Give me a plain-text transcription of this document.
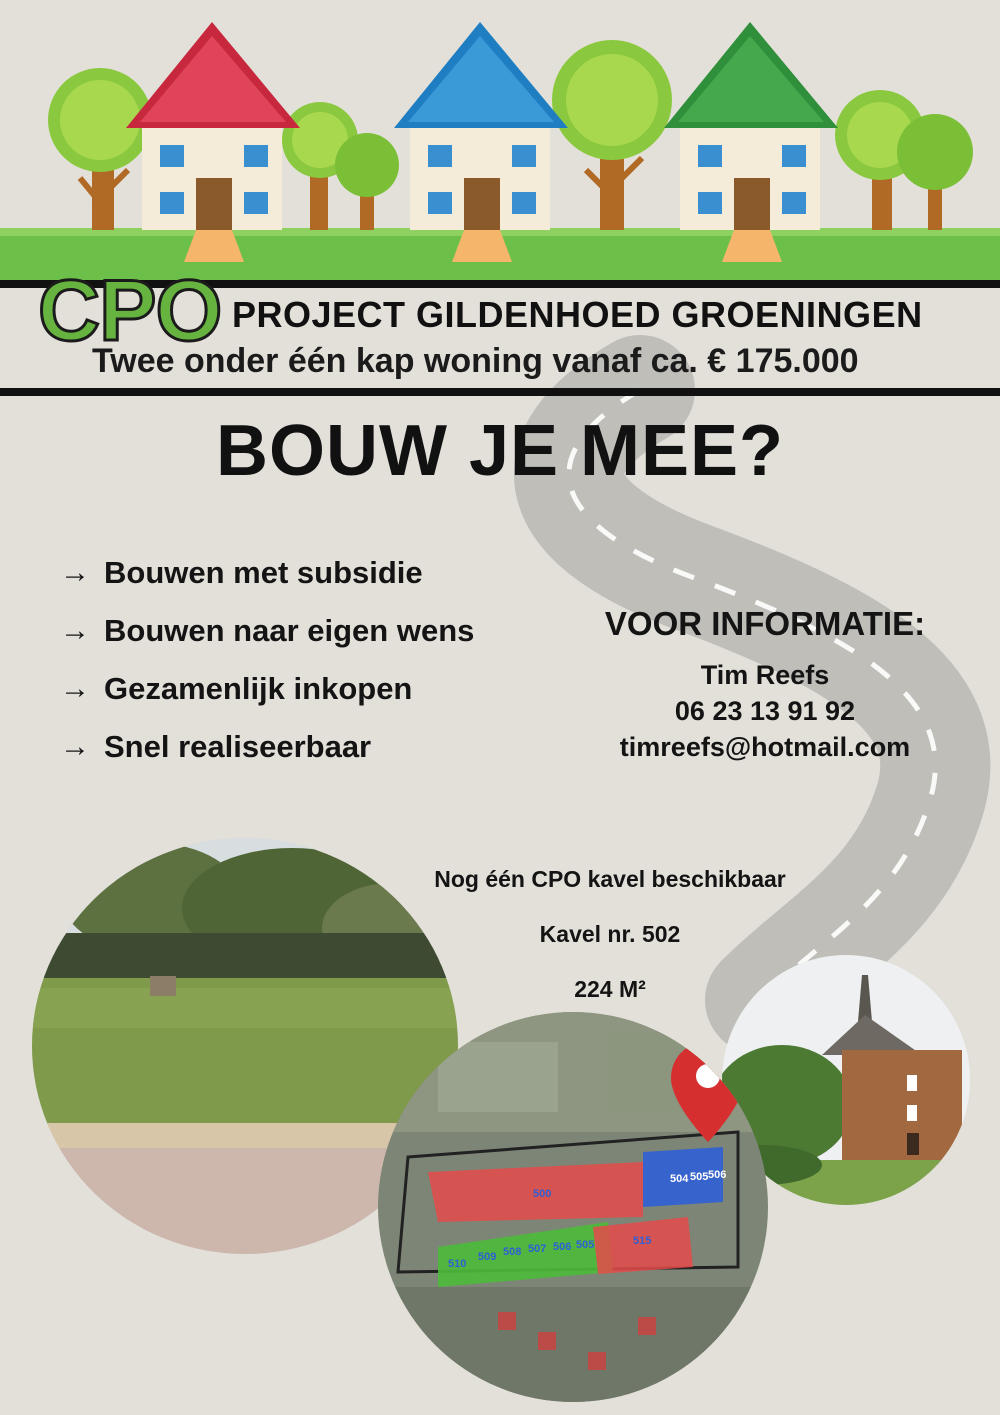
CPO PROJECT GILDENHOED GROENINGEN
Twee onder één kap woning vanaf ca. € 175.000
BOUW JE MEE?
→ Bouwen met subsidie
→ Bouwen naar eigen wens
→ Gezamenlijk inkopen
→ Snel realiseerbaar
VOOR INFORMATIE:
Tim Reefs
06 23 13 91 92
timreefs@hotmail.com
Nog één CPO kavel beschikbaar
Kavel nr. 502
224 M²
500
504 505 506
510
509 508 507 506 505	515
